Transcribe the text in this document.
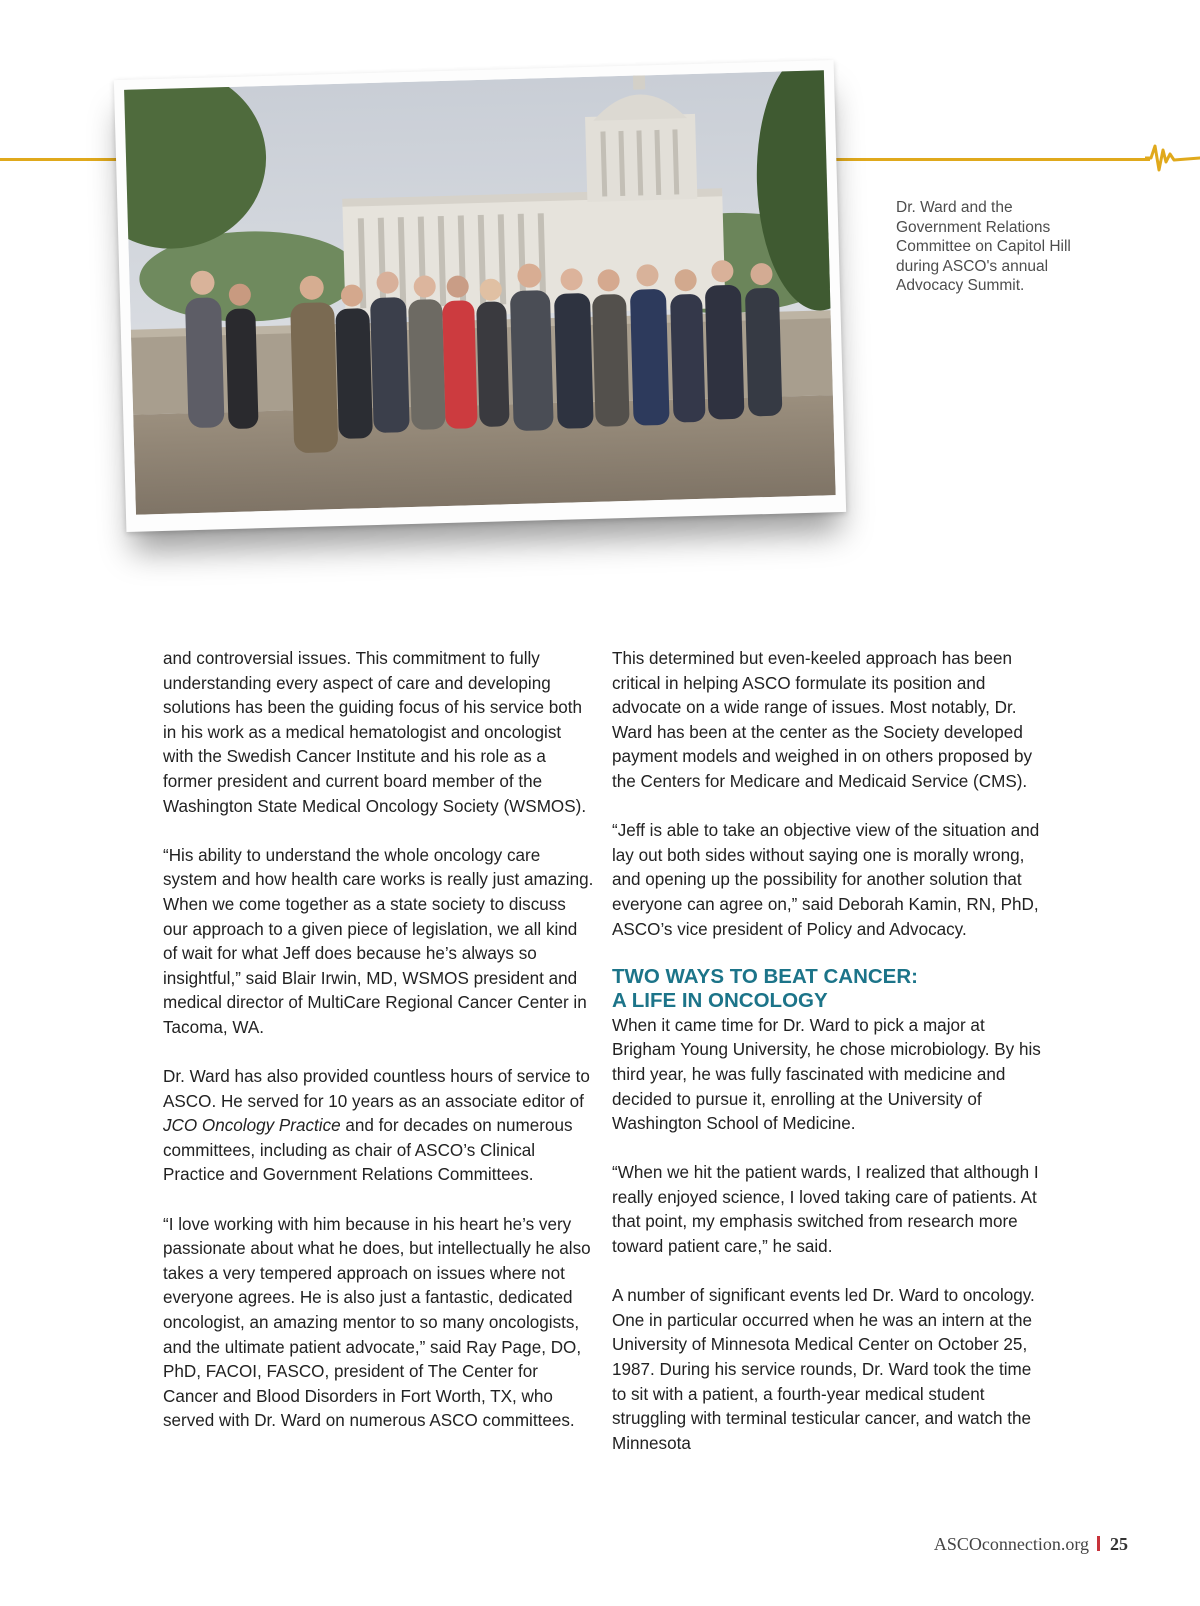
Dr. Ward and the Government Relations Committee on Capitol Hill during ASCO's annual Advocacy Summit.

and controversial issues. This commitment to fully understanding every aspect of care and developing solutions has been the guiding focus of his service both in his work as a medical hematologist and oncologist with the Swedish Cancer Institute and his role as a former president and current board member of the Washington State Medical Oncology Society (WSMOS).

“His ability to understand the whole oncology care system and how health care works is really just amazing. When we come together as a state society to discuss our approach to a given piece of legislation, we all kind of wait for what Jeff does because he’s always so insightful,” said Blair Irwin, MD, WSMOS president and medical director of MultiCare Regional Cancer Center in Tacoma, WA.

Dr. Ward has also provided countless hours of service to ASCO. He served for 10 years as an associate editor of JCO Oncology Practice and for decades on numerous committees, including as chair of ASCO’s Clinical Practice and Government Relations Committees.

“I love working with him because in his heart he’s very passionate about what he does, but intellectually he also takes a very tempered approach on issues where not everyone agrees. He is also just a fantastic, dedicated oncologist, an amazing mentor to so many oncologists, and the ultimate patient advocate,” said Ray Page, DO, PhD, FACOI, FASCO, president of The Center for Cancer and Blood Disorders in Fort Worth, TX, who served with Dr. Ward on numerous ASCO committees.

This determined but even-keeled approach has been critical in helping ASCO formulate its position and advocate on a wide range of issues. Most notably, Dr. Ward has been at the center as the Society developed payment models and weighed in on others proposed by the Centers for Medicare and Medicaid Service (CMS).

“Jeff is able to take an objective view of the situation and lay out both sides without saying one is morally wrong, and opening up the possibility for another solution that everyone can agree on,” said Deborah Kamin, RN, PhD, ASCO’s vice president of Policy and Advocacy.

TWO WAYS TO BEAT CANCER:
A LIFE IN ONCOLOGY

When it came time for Dr. Ward to pick a major at Brigham Young University, he chose microbiology. By his third year, he was fully fascinated with medicine and decided to pursue it, enrolling at the University of Washington School of Medicine.

“When we hit the patient wards, I realized that although I really enjoyed science, I loved taking care of patients. At that point, my emphasis switched from research more toward patient care,” he said.

A number of significant events led Dr. Ward to oncology. One in particular occurred when he was an intern at the University of Minnesota Medical Center on October 25, 1987. During his service rounds, Dr. Ward took the time to sit with a patient, a fourth-year medical student struggling with terminal testicular cancer, and watch the Minnesota

ASCOconnection.org 25
